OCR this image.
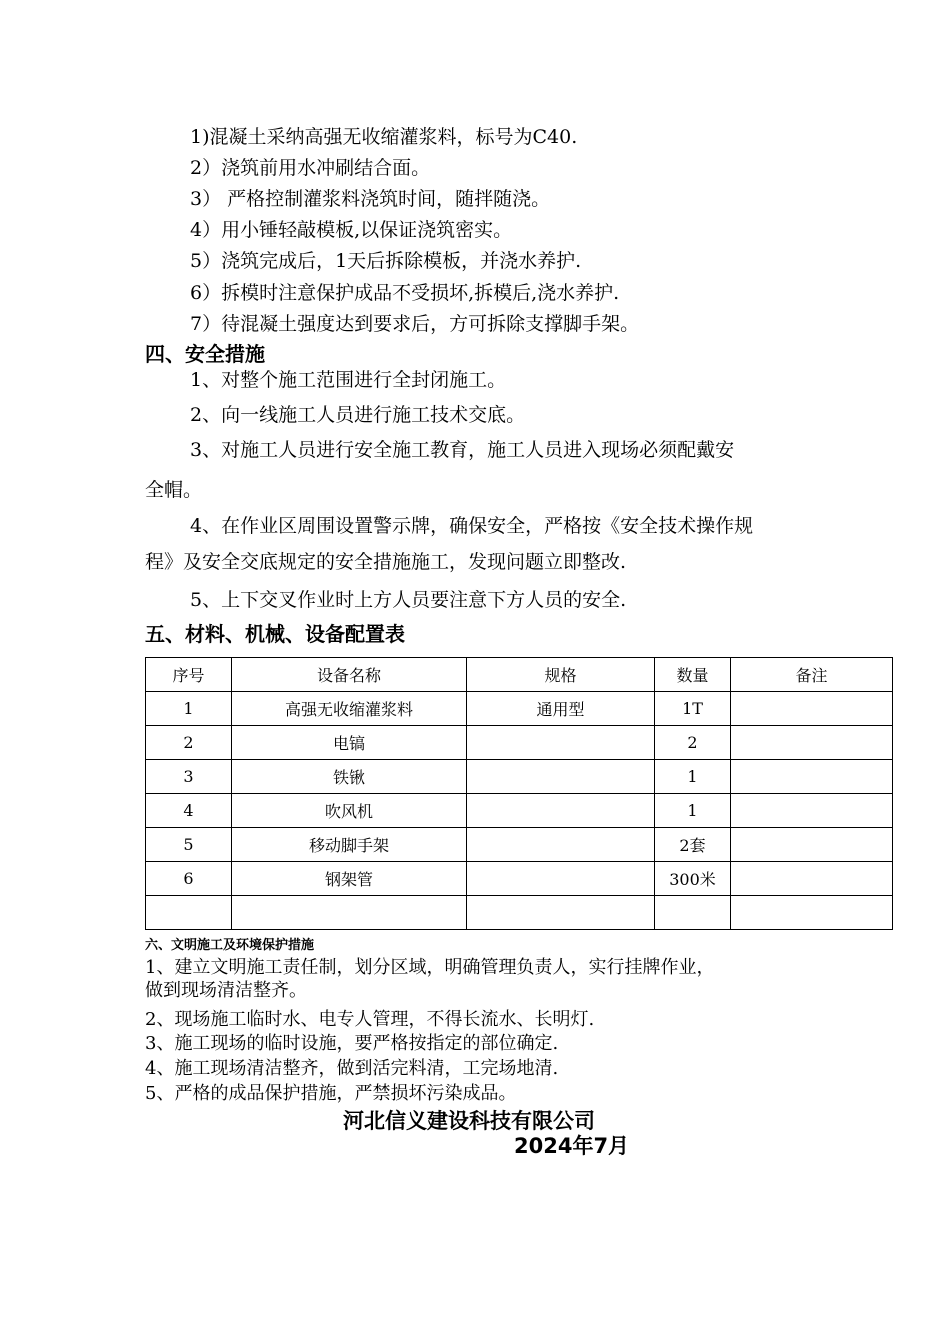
1)混凝土采纳高强无收缩灌浆料，标号为C40.
2）浇筑前用水冲刷结合面。
3） 严格控制灌浆料浇筑时间，随拌随浇。
4）用小锤轻敲模板,以保证浇筑密实。
5）浇筑完成后，1天后拆除模板，并浇水养护.
6）拆模时注意保护成品不受损坏,拆模后,浇水养护.
7）待混凝土强度达到要求后，方可拆除支撑脚手架。
四、安全措施
1、对整个施工范围进行全封闭施工。
2、向一线施工人员进行施工技术交底。
3、对施工人员进行安全施工教育，施工人员进入现场必须配戴安
全帽。
4、在作业区周围设置警示牌，确保安全，严格按《安全技术操作规
程》及安全交底规定的安全措施施工，发现问题立即整改.
5、上下交叉作业时上方人员要注意下方人员的安全.
五、材料、机械、设备配置表
序号	设备名称	规格	数量	备注
1	高强无收缩灌浆料	通用型	1T	
2	电镐		2	
3	铁锹		1	
4	吹风机		1	
5	移动脚手架		2套	
6	钢架管		300米	

六、文明施工及环境保护措施
1、建立文明施工责任制，划分区域，明确管理负责人，实行挂牌作业，
做到现场清洁整齐。
2、现场施工临时水、电专人管理，不得长流水、长明灯.
3、施工现场的临时设施，要严格按指定的部位确定.
4、施工现场清洁整齐，做到活完料清，工完场地清.
5、严格的成品保护措施，严禁损坏污染成品。
河北信义建设科技有限公司
2024年7月
